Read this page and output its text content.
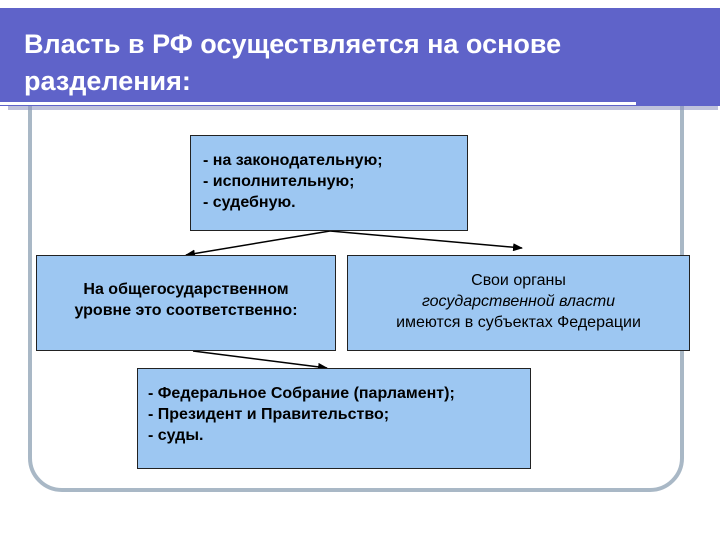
Власть в РФ осуществляется на основе
разделения:
- на законодательную;
- исполнительную;
- судебную.
На общегосударственном
уровне это соответственно:
Свои органы
государственной власти
имеются в субъектах Федерации
- Федеральное Собрание (парламент);
- Президент и Правительство;
- суды.
